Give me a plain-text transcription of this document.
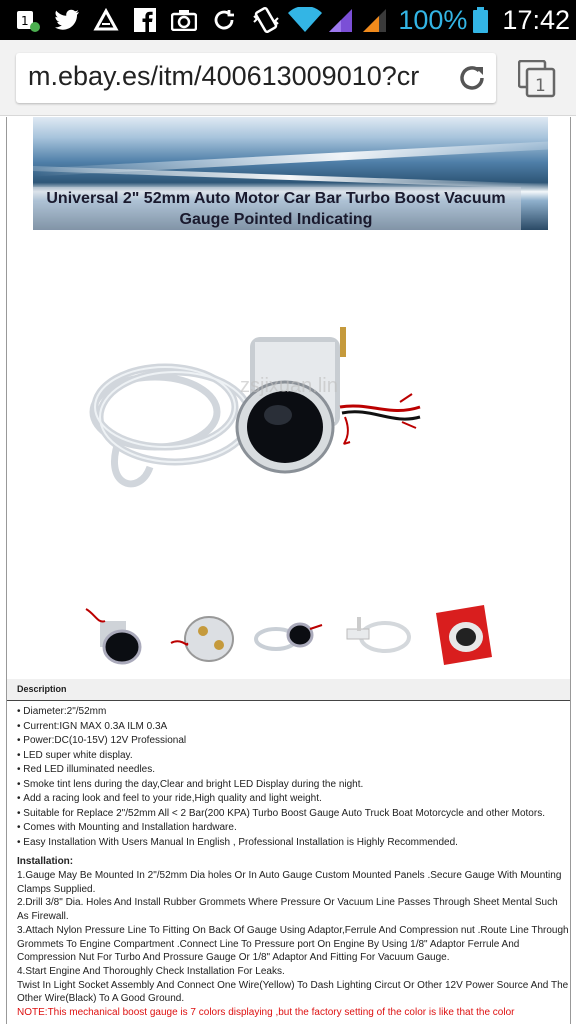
1	100% 17:42
m.ebay.es/itm/400613009010?cr	1
Universal 2" 52mm Auto Motor Car Bar Turbo Boost Vacuum
Gauge Pointed Indicating
zsjixuan.lin
Description
• Diameter:2"/52mm
• Current:IGN MAX 0.3A ILM 0.3A
• Power:DC(10-15V) 12V Professional
• LED super white display.
• Red LED illuminated needles.
• Smoke tint lens during the day,Clear and bright LED Display during the night.
• Add a racing look and feel to your ride,High quality and light weight.
• Suitable for Replace 2"/52mm All < 2 Bar(200 KPA) Turbo Boost Gauge Auto Truck Boat Motorcycle and other Motors.
• Comes with Mounting and Installation hardware.
• Easy Installation With Users Manual In English , Professional Installation is Highly Recommended.
Installation:

1.Gauge May Be Mounted In 2"/52mm Dia holes Or In Auto Gauge Custom Mounted Panels .Secure Gauge With Mounting Clamps Supplied.

2.Drill 3/8" Dia. Holes And Install Rubber Grommets Where Pressure Or Vacuum Line Passes Through Sheet Mental Such As Firewall.

3.Attach Nylon Pressure Line To Fitting On Back Of Gauge Using Adaptor,Ferrule And Compression nut .Route Line Through Grommets To Engine Compartment .Connect Line To Pressure port On Engine By Using 1/8" Adaptor Ferrule And Compression Nut For Turbo And Prossure Gauge Or 1/8" Adaptor And Fitting For Vacuum Gauge.

4.Start Engine And Thoroughly Check Installation For Leaks.

Twist In Light Socket Assembly And Connect One Wire(Yellow) To Dash Lighting Circut Or Other 12V Power Source And The Other Wire(Black) To A Good Ground.

NOTE:This mechanical boost gauge is 7 colors displaying ,but the factory setting of the color is like that the color
